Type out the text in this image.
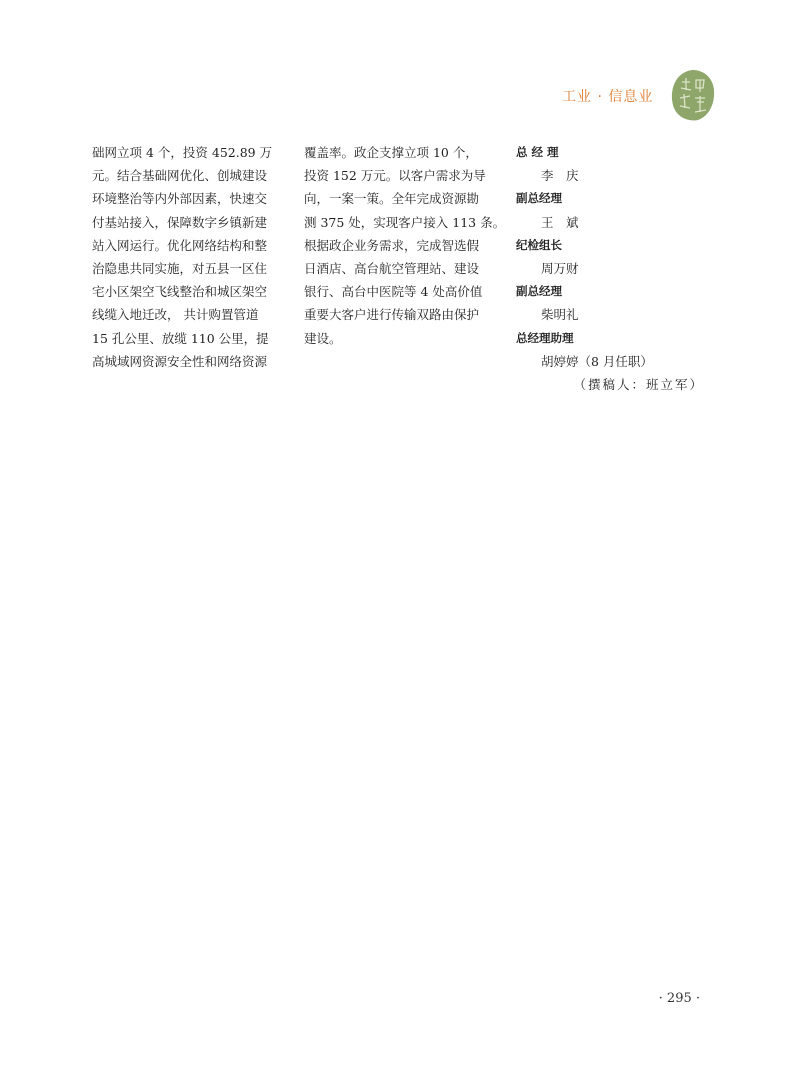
工业 · 信息业
础网立项 4 个，投资 452.89 万
元。结合基础网优化、创城建设
环境整治等内外部因素，快速交
付基站接入，保障数字乡镇新建
站入网运行。优化网络结构和整
治隐患共同实施，对五县一区住
宅小区架空飞线整治和城区架空
线缆入地迁改， 共计购置管道
15 孔公里、放缆 110 公里，提
高城域网资源安全性和网络资源
覆盖率。政企支撑立项 10 个，
投资 152 万元。以客户需求为导
向，一案一策。全年完成资源勘
测 375 处，实现客户接入 113 条。
根据政企业务需求，完成智选假
日酒店、高台航空管理站、建设
银行、高台中医院等 4 处高价值
重要大客户进行传输双路由保护
建设。
总 经 理
李　庆
副总经理
王　斌
纪检组长
周万财
副总经理
柴明礼
总经理助理
胡婷婷（8 月任职）
（撰稿人：班立军）
· 295 ·
